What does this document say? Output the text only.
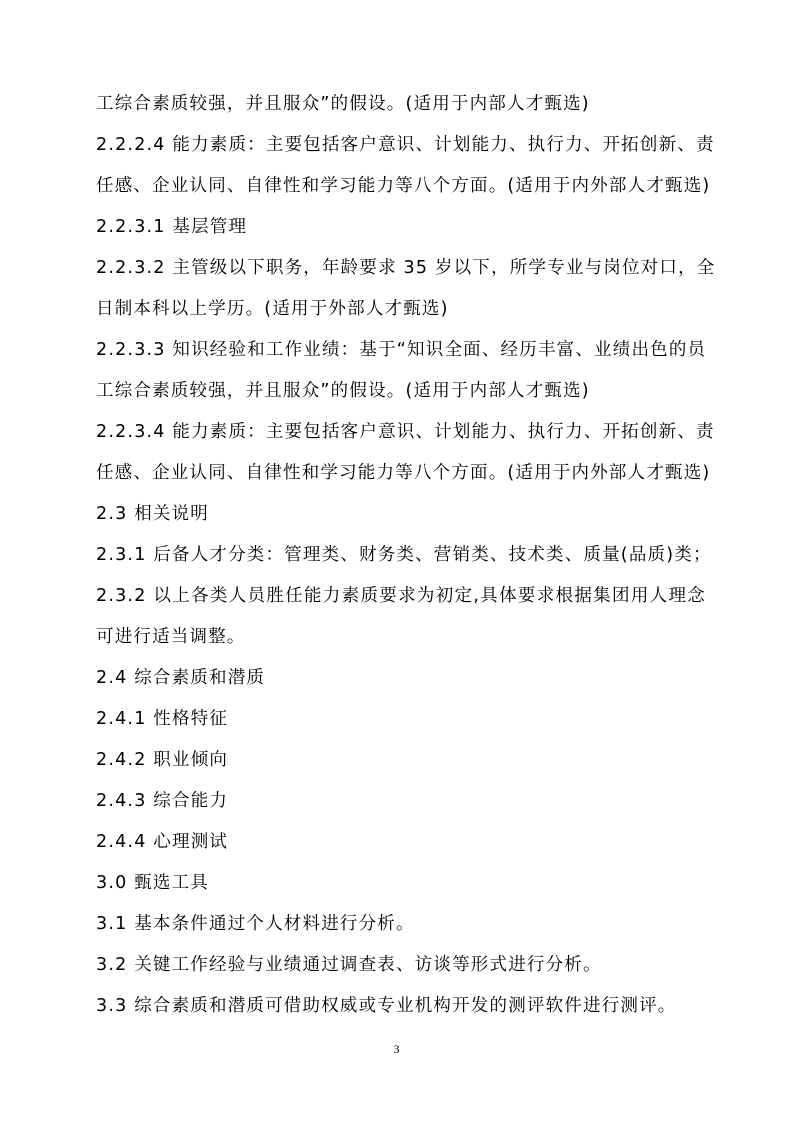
工综合素质较强，并且服众”的假设。(适用于内部人才甄选)
2.2.2.4 能力素质：主要包括客户意识、计划能力、执行力、开拓创新、责
任感、企业认同、自律性和学习能力等八个方面。(适用于内外部人才甄选)
2.2.3.1 基层管理
2.2.3.2 主管级以下职务，年龄要求 35 岁以下，所学专业与岗位对口，全
日制本科以上学历。(适用于外部人才甄选)
2.2.3.3 知识经验和工作业绩：基于“知识全面、经历丰富、业绩出色的员
工综合素质较强，并且服众”的假设。(适用于内部人才甄选)
2.2.3.4 能力素质：主要包括客户意识、计划能力、执行力、开拓创新、责
任感、企业认同、自律性和学习能力等八个方面。(适用于内外部人才甄选)
2.3 相关说明
2.3.1 后备人才分类：管理类、财务类、营销类、技术类、质量(品质)类；
2.3.2 以上各类人员胜任能力素质要求为初定,具体要求根据集团用人理念
可进行适当调整。
2.4 综合素质和潜质
2.4.1 性格特征
2.4.2 职业倾向
2.4.3 综合能力
2.4.4 心理测试
3.0 甄选工具
3.1 基本条件通过个人材料进行分析。
3.2 关键工作经验与业绩通过调查表、访谈等形式进行分析。
3.3 综合素质和潜质可借助权威或专业机构开发的测评软件进行测评。
3
